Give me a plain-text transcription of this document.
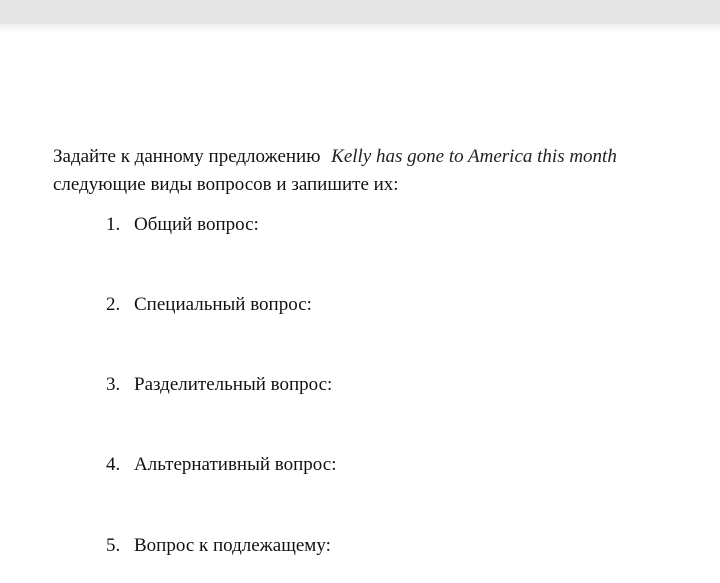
Задайте к данному предложению Kelly has gone to America this month
следующие виды вопросов и запишите их:

1. Общий вопрос:
2. Специальный вопрос:
3. Разделительный вопрос:
4. Альтернативный вопрос:
5. Вопрос к подлежащему:
